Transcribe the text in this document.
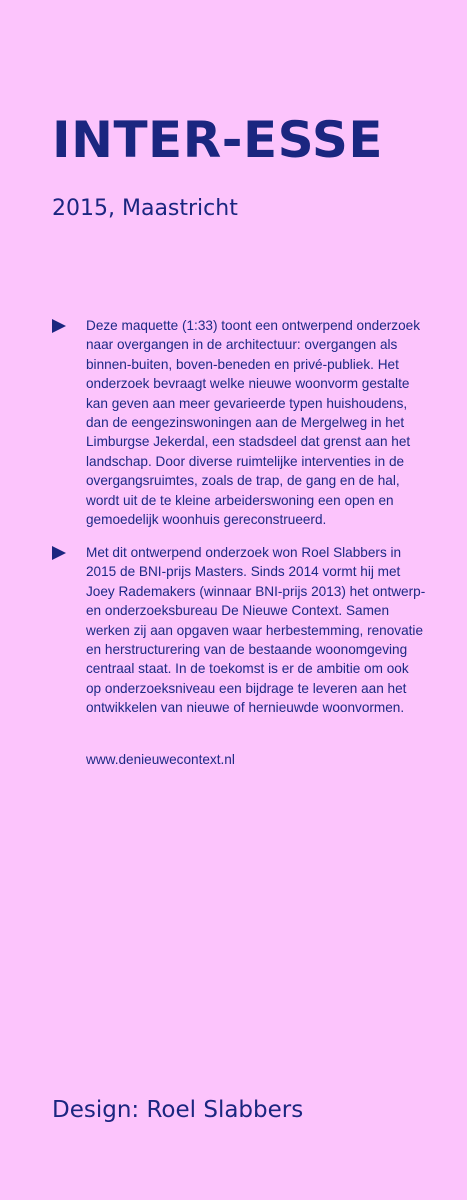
INTER-ESSE
2015, Maastricht
Deze maquette (1:33) toont een ontwerpend onderzoek naar overgangen in de architectuur: overgangen als binnen-buiten, boven-beneden en privé-publiek. Het onderzoek bevraagt welke nieuwe woonvorm gestalte kan geven aan meer gevarieerde typen huishoudens, dan de eengezinswoningen aan de Mergelweg in het Limburgse Jekerdal, een stadsdeel dat grenst aan het landschap. Door diverse ruimtelijke interventies in de overgangsruimtes, zoals de trap, de gang en de hal, wordt uit de te kleine arbeiderswoning een open en gemoedelijk woonhuis gereconstrueerd.
Met dit ontwerpend onderzoek won Roel Slabbers in 2015 de BNI-prijs Masters. Sinds 2014 vormt hij met Joey Rademakers (winnaar BNI-prijs 2013) het ontwerp- en onderzoeksbureau De Nieuwe Context. Samen werken zij aan opgaven waar herbestemming, renovatie en herstructurering van de bestaande woonomgeving centraal staat. In de toekomst is er de ambitie om ook op onderzoeksniveau een bijdrage te leveren aan het ontwikkelen van nieuwe of hernieuwde woonvormen.
www.denieuwecontext.nl
Design: Roel Slabbers
